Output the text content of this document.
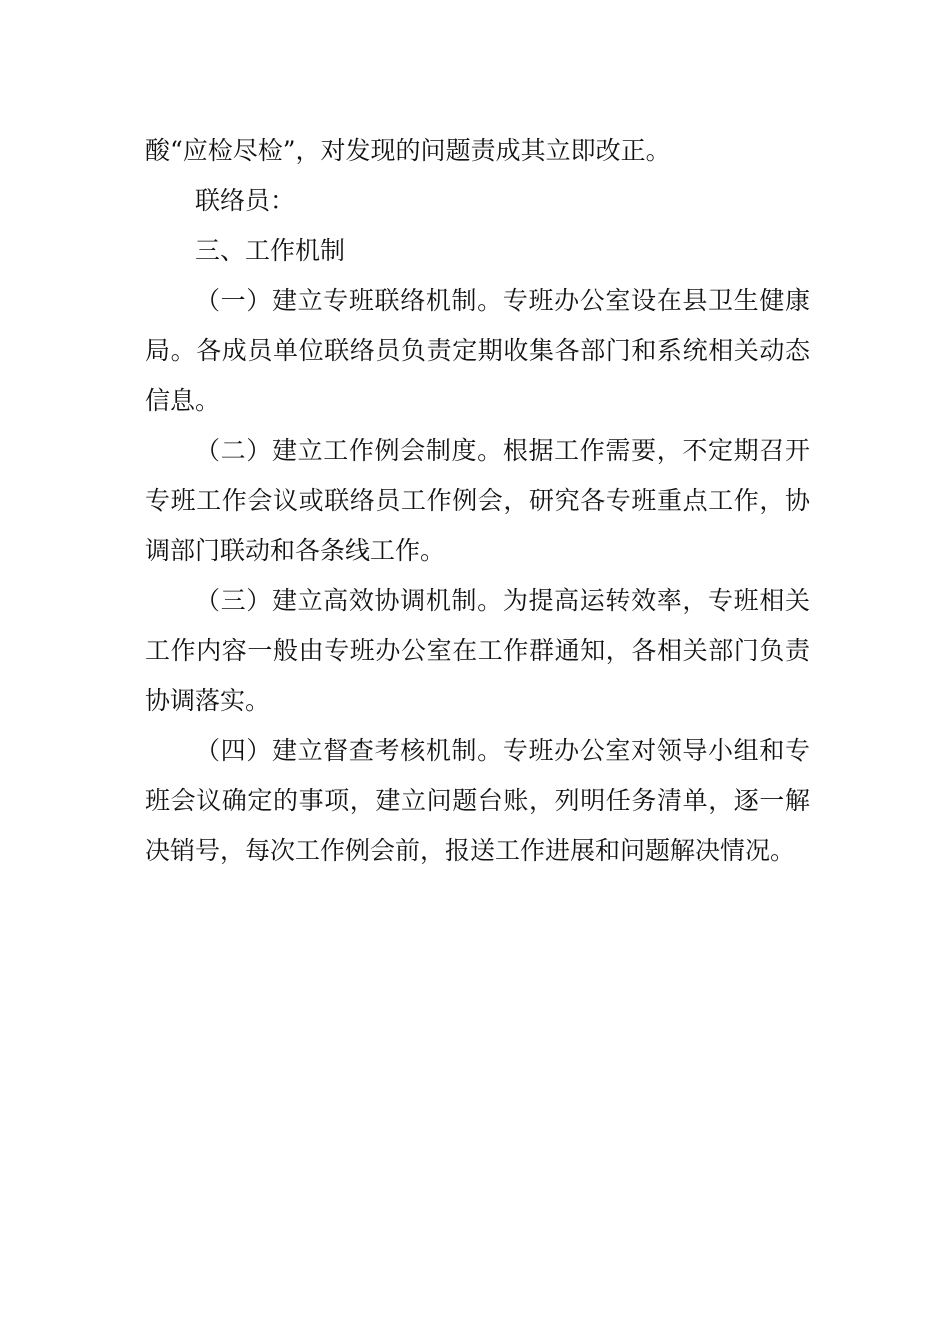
酸“应检尽检”，对发现的问题责成其立即改正。

联络员：

三、工作机制

（一）建立专班联络机制。专班办公室设在县卫生健康局。各成员单位联络员负责定期收集各部门和系统相关动态信息。

（二）建立工作例会制度。根据工作需要，不定期召开专班工作会议或联络员工作例会，研究各专班重点工作，协调部门联动和各条线工作。

（三）建立高效协调机制。为提高运转效率，专班相关工作内容一般由专班办公室在工作群通知，各相关部门负责协调落实。

（四）建立督查考核机制。专班办公室对领导小组和专班会议确定的事项，建立问题台账，列明任务清单，逐一解决销号，每次工作例会前，报送工作进展和问题解决情况。
